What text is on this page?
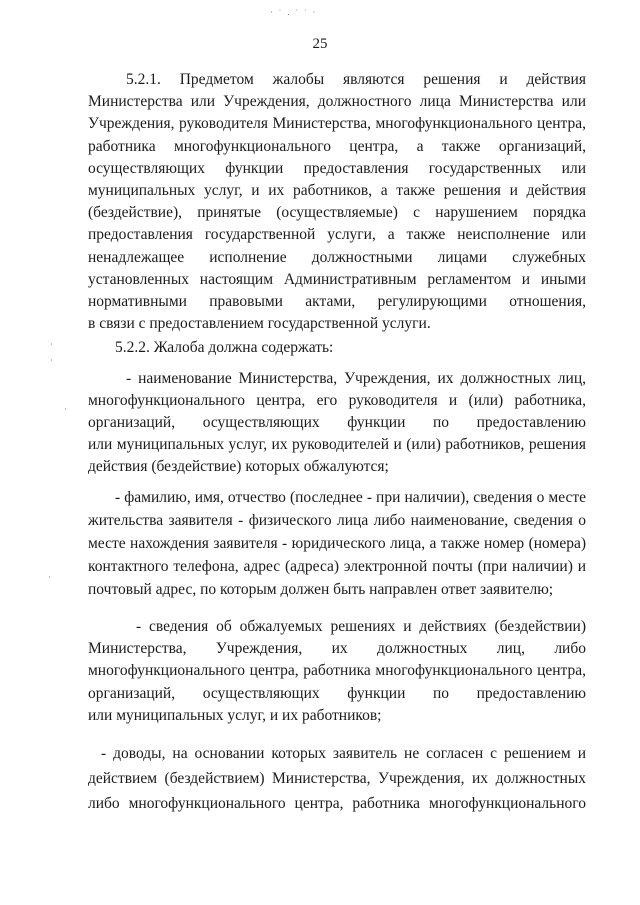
· ˙ . ˙ ˙ ·
·
·
·
·
25
5.2.1. Предметом жалобы являются решения и действия
Министерства или Учреждения, должностного лица Министерства или
Учреждения, руководителя Министерства, многофункционального центра,
работника многофункционального центра, а также организаций,
осуществляющих функции предоставления государственных или
муниципальных услуг, и их работников, а также решения и действия
(бездействие), принятые (осуществляемые) с нарушением порядка
предоставления государственной услуги, а также неисполнение или
ненадлежащее исполнение должностными лицами служебных
установленных настоящим Административным регламентом и иными
нормативными правовыми актами, регулирующими отношения,
в связи с предоставлением государственной услуги.
5.2.2. Жалоба должна содержать:
- наименование Министерства, Учреждения, их должностных лиц,
многофункционального центра, его руководителя и (или) работника,
организаций, осуществляющих функции по предоставлению
или муниципальных услуг, их руководителей и (или) работников, решения
действия (бездействие) которых обжалуются;
- фамилию, имя, отчество (последнее - при наличии), сведения о месте
жительства заявителя - физического лица либо наименование, сведения о
месте нахождения заявителя - юридического лица, а также номер (номера)
контактного телефона, адрес (адреса) электронной почты (при наличии) и
почтовый адрес, по которым должен быть направлен ответ заявителю;
- сведения об обжалуемых решениях и действиях (бездействии)
Министерства, Учреждения, их должностных лиц, либо
многофункционального центра, работника многофункционального центра,
организаций, осуществляющих функции по предоставлению
или муниципальных услуг, и их работников;
- доводы, на основании которых заявитель не согласен с решением и
действием (бездействием) Министерства, Учреждения, их должностных
либо многофункционального центра, работника многофункционального
